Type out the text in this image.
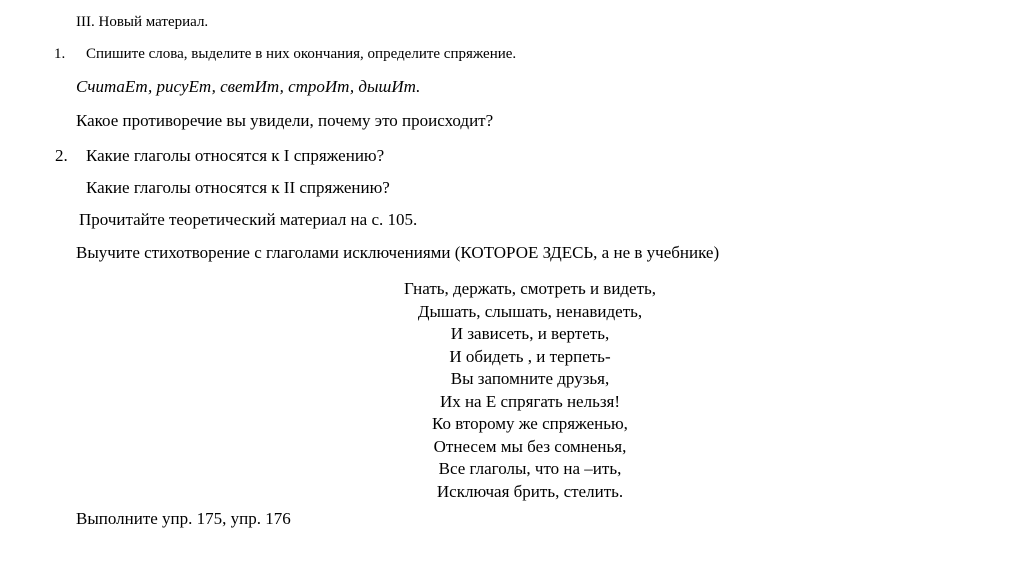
III. Новый материал.
1. Спишите слова, выделите в них окончания, определите спряжение.
СчитаЕт, рисуЕт, светИт, строИт, дышИт.
Какое противоречие вы увидели, почему это происходит?
2. Какие глаголы относятся к I спряжению?
Какие глаголы относятся к II спряжению?
Прочитайте теоретический материал на с. 105.
Выучите стихотворение с глаголами исключениями (КОТОРОЕ ЗДЕСЬ, а не в учебнике)
Гнать, держать, смотреть и видеть,
Дышать, слышать, ненавидеть,
И зависеть, и вертеть,
И обидеть , и терпеть-
Вы запомните друзья,
Их на Е спрягать нельзя!
Ко второму же спряженью,
Отнесем мы без сомненья,
Все глаголы, что на –ить,
Исключая брить, стелить.
Выполните упр. 175, упр. 176
